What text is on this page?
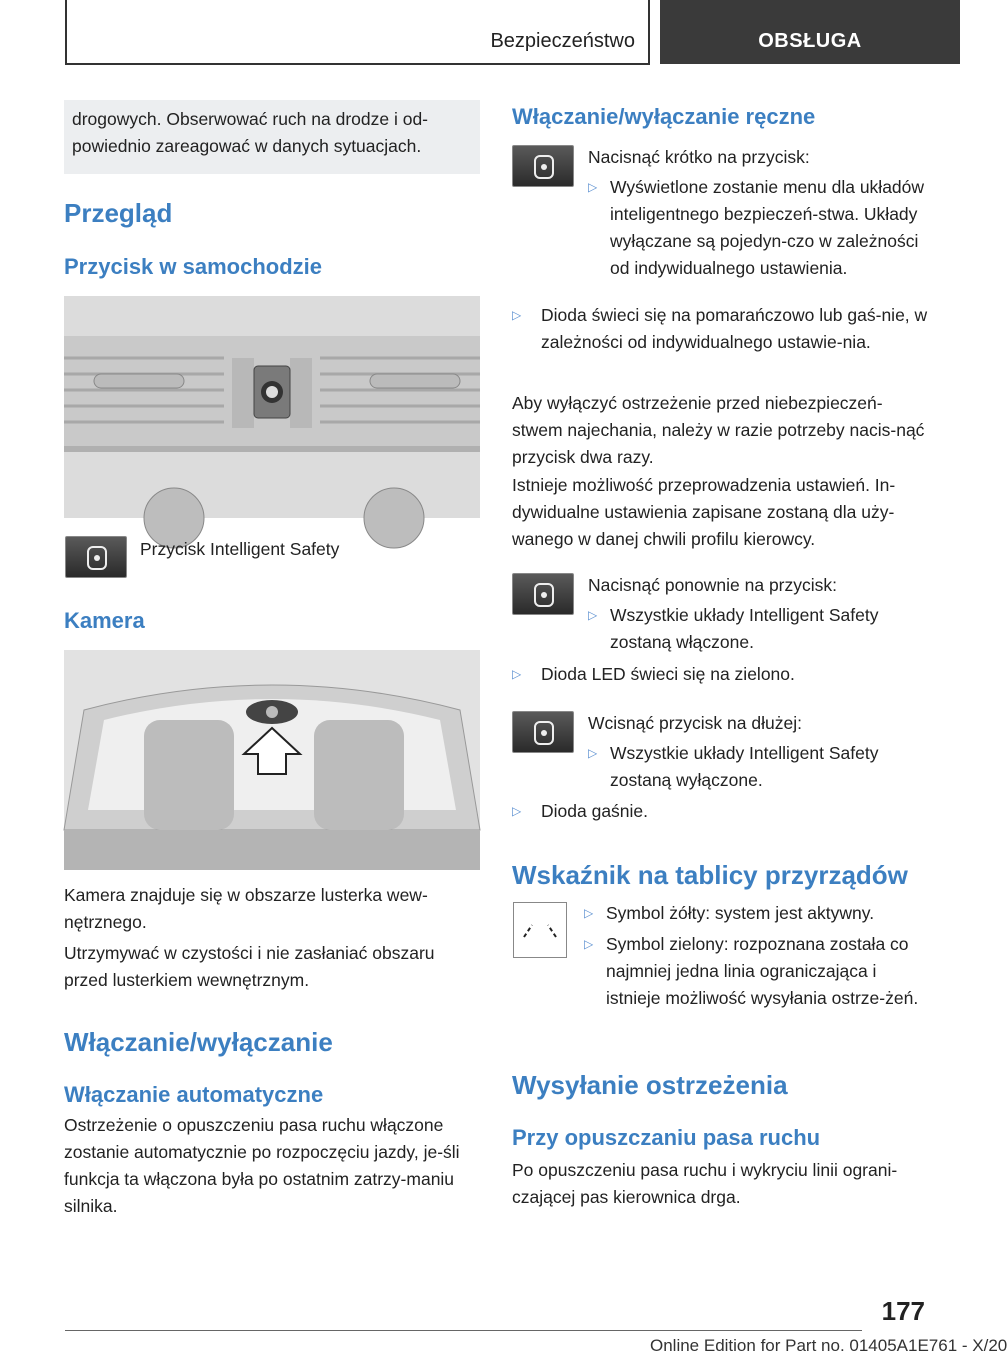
Bezpieczeństwo	OBSŁUGA

drogowych. Obserwować ruch na drodze i od-powiednio zareagować w danych sytuacjach.

Przegląd
Przycisk w samochodzie
Przycisk Intelligent Safety
Kamera
Kamera znajduje się w obszarze lusterka wew-nętrznego.
Utrzymywać w czystości i nie zasłaniać obszaru przed lusterkiem wewnętrznym.
Włączanie/wyłączanie
Włączanie automatyczne
Ostrzeżenie o opuszczeniu pasa ruchu włączone zostanie automatycznie po rozpoczęciu jazdy, je-śli funkcja ta włączona była po ostatnim zatrzy-maniu silnika.
Włączanie/wyłączanie ręczne
Nacisnąć krótko na przycisk:
▷ Wyświetlone zostanie menu dla układów inteligentnego bezpieczeń-stwa. Układy wyłączane są pojedyn-czo w zależności od indywidualnego ustawienia.

▷	Dioda świeci się na pomarańczowo lub gaś-nie, w zależności od indywidualnego ustawie-nia.

Aby wyłączyć ostrzeżenie przed niebezpieczeń-stwem najechania, należy w razie potrzeby nacis-nąć przycisk dwa razy.
Istnieje możliwość przeprowadzenia ustawień. In-dywidualne ustawienia zapisane zostaną dla uży-wanego w danej chwili profilu kierowcy.
Nacisnąć ponownie na przycisk:
▷ Wszystkie układy Intelligent Safety zostaną włączone.

▷	Dioda LED świeci się na zielono.

Wcisnąć przycisk na dłużej:
▷ Wszystkie układy Intelligent Safety zostaną wyłączone.

▷	Dioda gaśnie.

Wskaźnik na tablicy przyrządów
▷ Symbol żółty: system jest aktywny.

▷ Symbol zielony: rozpoznana została co najmniej jedna linia ograniczająca i istnieje możliwość wysyłania ostrze-żeń.

Wysyłanie ostrzeżenia
Przy opuszczaniu pasa ruchu
Po opuszczeniu pasa ruchu i wykryciu linii ograni-czającej pas kierownica drga.
177
Online Edition for Part no. 01405A1E761 - X/20
